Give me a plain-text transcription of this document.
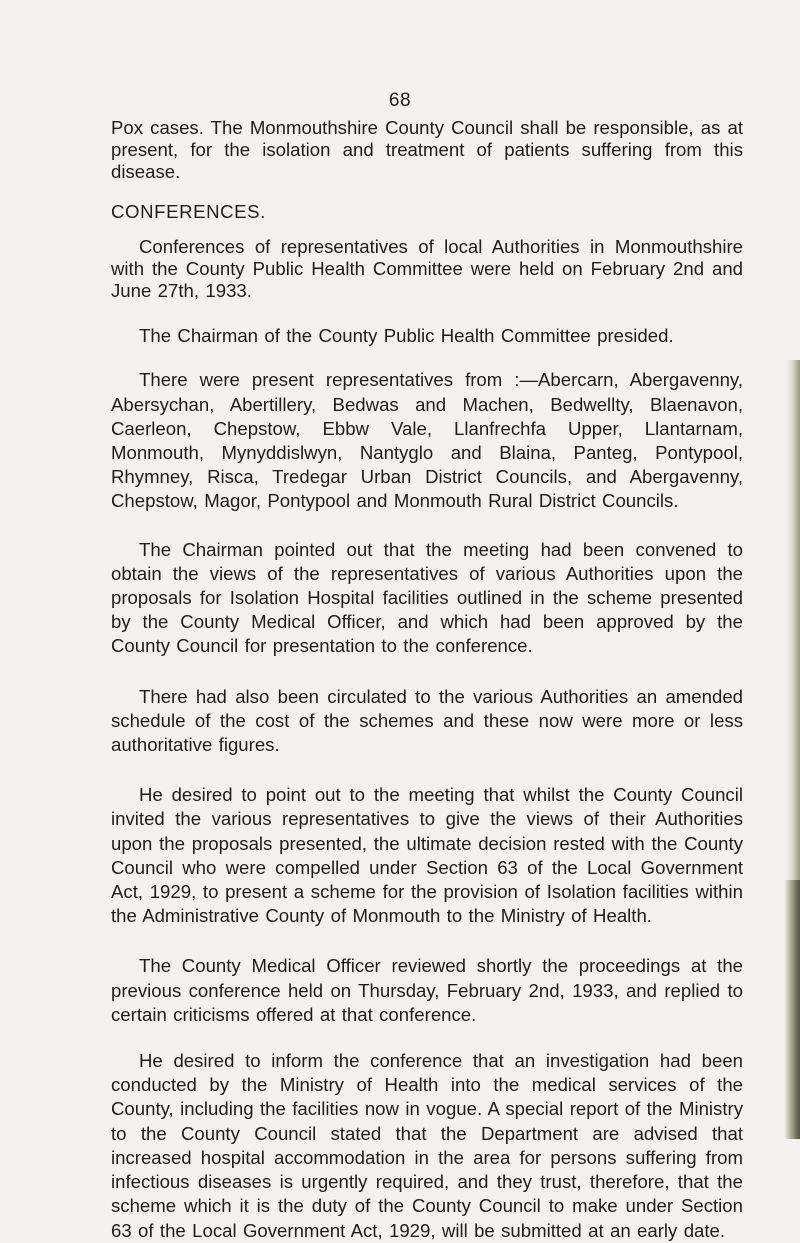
68

Pox cases. The Monmouthshire County Council shall be responsible, as at present, for the isolation and treatment of patients suffering from this disease.

CONFERENCES.

Conferences of representatives of local Authorities in Monmouthshire with the County Public Health Committee were held on February 2nd and June 27th, 1933.

The Chairman of the County Public Health Committee presided.

There were present representatives from :—Abercarn, Abergavenny, Abersychan, Abertillery, Bedwas and Machen, Bedwellty, Blaenavon, Caerleon, Chepstow, Ebbw Vale, Llanfrechfa Upper, Llantarnam, Monmouth, Mynyddislwyn, Nantyglo and Blaina, Panteg, Pontypool, Rhymney, Risca, Tredegar Urban District Councils, and Abergavenny, Chepstow, Magor, Pontypool and Monmouth Rural District Councils.

The Chairman pointed out that the meeting had been convened to obtain the views of the representatives of various Authorities upon the proposals for Isolation Hospital facilities outlined in the scheme presented by the County Medical Officer, and which had been approved by the County Council for presentation to the conference.

There had also been circulated to the various Authorities an amended schedule of the cost of the schemes and these now were more or less authoritative figures.

He desired to point out to the meeting that whilst the County Council invited the various representatives to give the views of their Authorities upon the proposals presented, the ultimate decision rested with the County Council who were compelled under Section 63 of the Local Government Act, 1929, to present a scheme for the provision of Isolation facilities within the Administrative County of Monmouth to the Ministry of Health.

The County Medical Officer reviewed shortly the proceedings at the previous conference held on Thursday, February 2nd, 1933, and replied to certain criticisms offered at that conference.

He desired to inform the conference that an investigation had been conducted by the Ministry of Health into the medical services of the County, including the facilities now in vogue. A special report of the Ministry to the County Council stated that the Department are advised that increased hospital accommodation in the area for persons suffering from infectious diseases is urgently required, and they trust, therefore, that the scheme which it is the duty of the County Council to make under Section 63 of the Local Government Act, 1929, will be submitted at an early date.
